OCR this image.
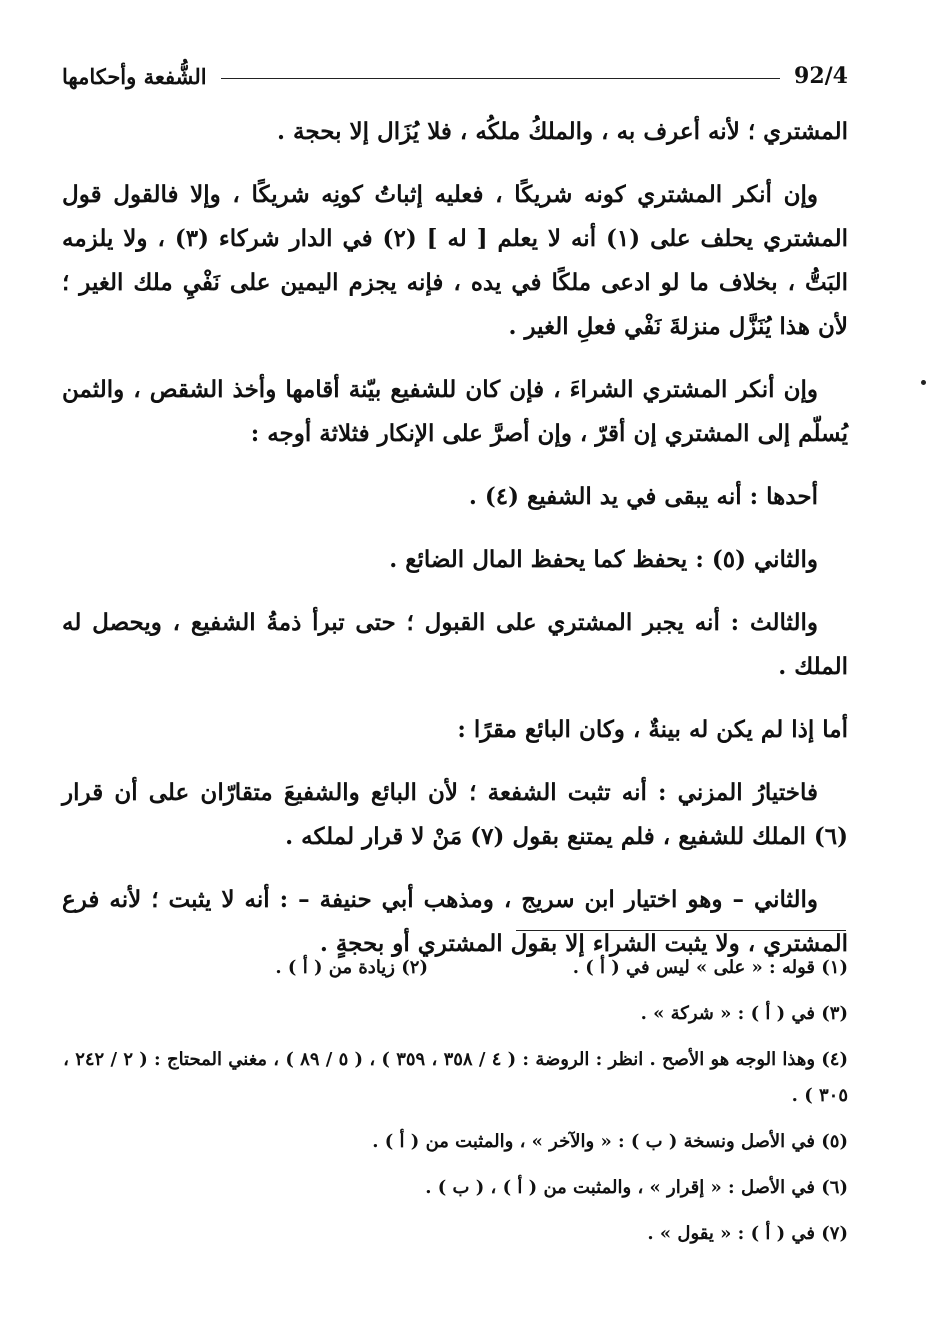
92/4
الشُّفعة وأحكامها

المشتري ؛ لأنه أعرف به ، والملكُ ملكُه ، فلا يُزَال إلا بحجة .

وإن أنكر المشتري كونه شريكًا ، فعليه إثباتُ كونِه شريكًا ، وإلا فالقول قول المشتري يحلف على (١) أنه لا يعلم [ له ] (٢) في الدار شركاء (٣) ، ولا يلزمه البَتُّ ، بخلاف ما لو ادعى ملكًا في يده ، فإنه يجزم اليمين على نَفْيِ ملك الغير ؛ لأن هذا يُنَزَّل منزلةَ نَفْي فعلِ الغير .

وإن أنكر المشتري الشراءَ ، فإن كان للشفيع بيّنة أقامها وأخذ الشقص ، والثمن يُسلّم إلى المشتري إن أقرّ ، وإن أصرَّ على الإنكار فثلاثة أوجه :

أحدها : أنه يبقى في يد الشفيع (٤) .

والثاني (٥) : يحفظ كما يحفظ المال الضائع .

والثالث : أنه يجبر المشتري على القبول ؛ حتى تبرأ ذمةُ الشفيع ، ويحصل له الملك .

أما إذا لم يكن له بينةٌ ، وكان البائع مقرًا :

فاختيارُ المزني : أنه تثبت الشفعة ؛ لأن البائع والشفيعَ متقارّان على أن قرار (٦) الملك للشفيع ، فلم يمتنع بقول (٧) مَنْ لا قرار لملكه .

والثاني – وهو اختيار ابن سريج ، ومذهب أبي حنيفة – : أنه لا يثبت ؛ لأنه فرع المشتري ، ولا يثبت الشراء إلا بقول المشتري أو بحجةٍ .

(١) قوله : « على » ليس في ( أ ) .

(٢) زيادة من ( أ ) .

(٣) في ( أ ) : « شركة » .

(٤) وهذا الوجه هو الأصح . انظر : الروضة : ( ٤ / ٣٥٨ ، ٣٥٩ ) ، ( ٥ / ٨٩ ) ، مغني المحتاج : ( ٢ / ٢٤٢ ، ٣٠٥ ) .

(٥) في الأصل ونسخة ( ب ) : « والآخر » ، والمثبت من ( أ ) .

(٦) في الأصل : « إقرار » ، والمثبت من ( أ ) ، ( ب ) .

(٧) في ( أ ) : « يقول » .
